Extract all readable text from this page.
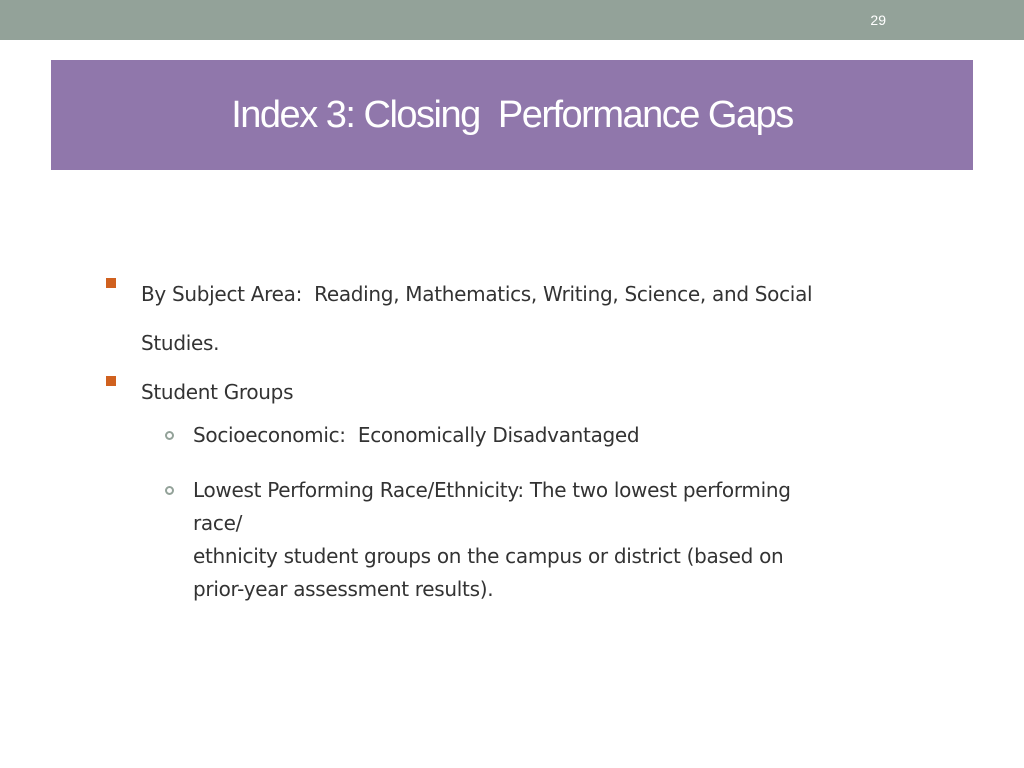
29
Index 3: Closing  Performance Gaps
By Subject Area:  Reading, Mathematics, Writing, Science, and Social
Studies.
Student Groups
Socioeconomic:  Economically Disadvantaged
Lowest Performing Race/Ethnicity: The two lowest performing
race/
ethnicity student groups on the campus or district (based on
prior-year assessment results).
